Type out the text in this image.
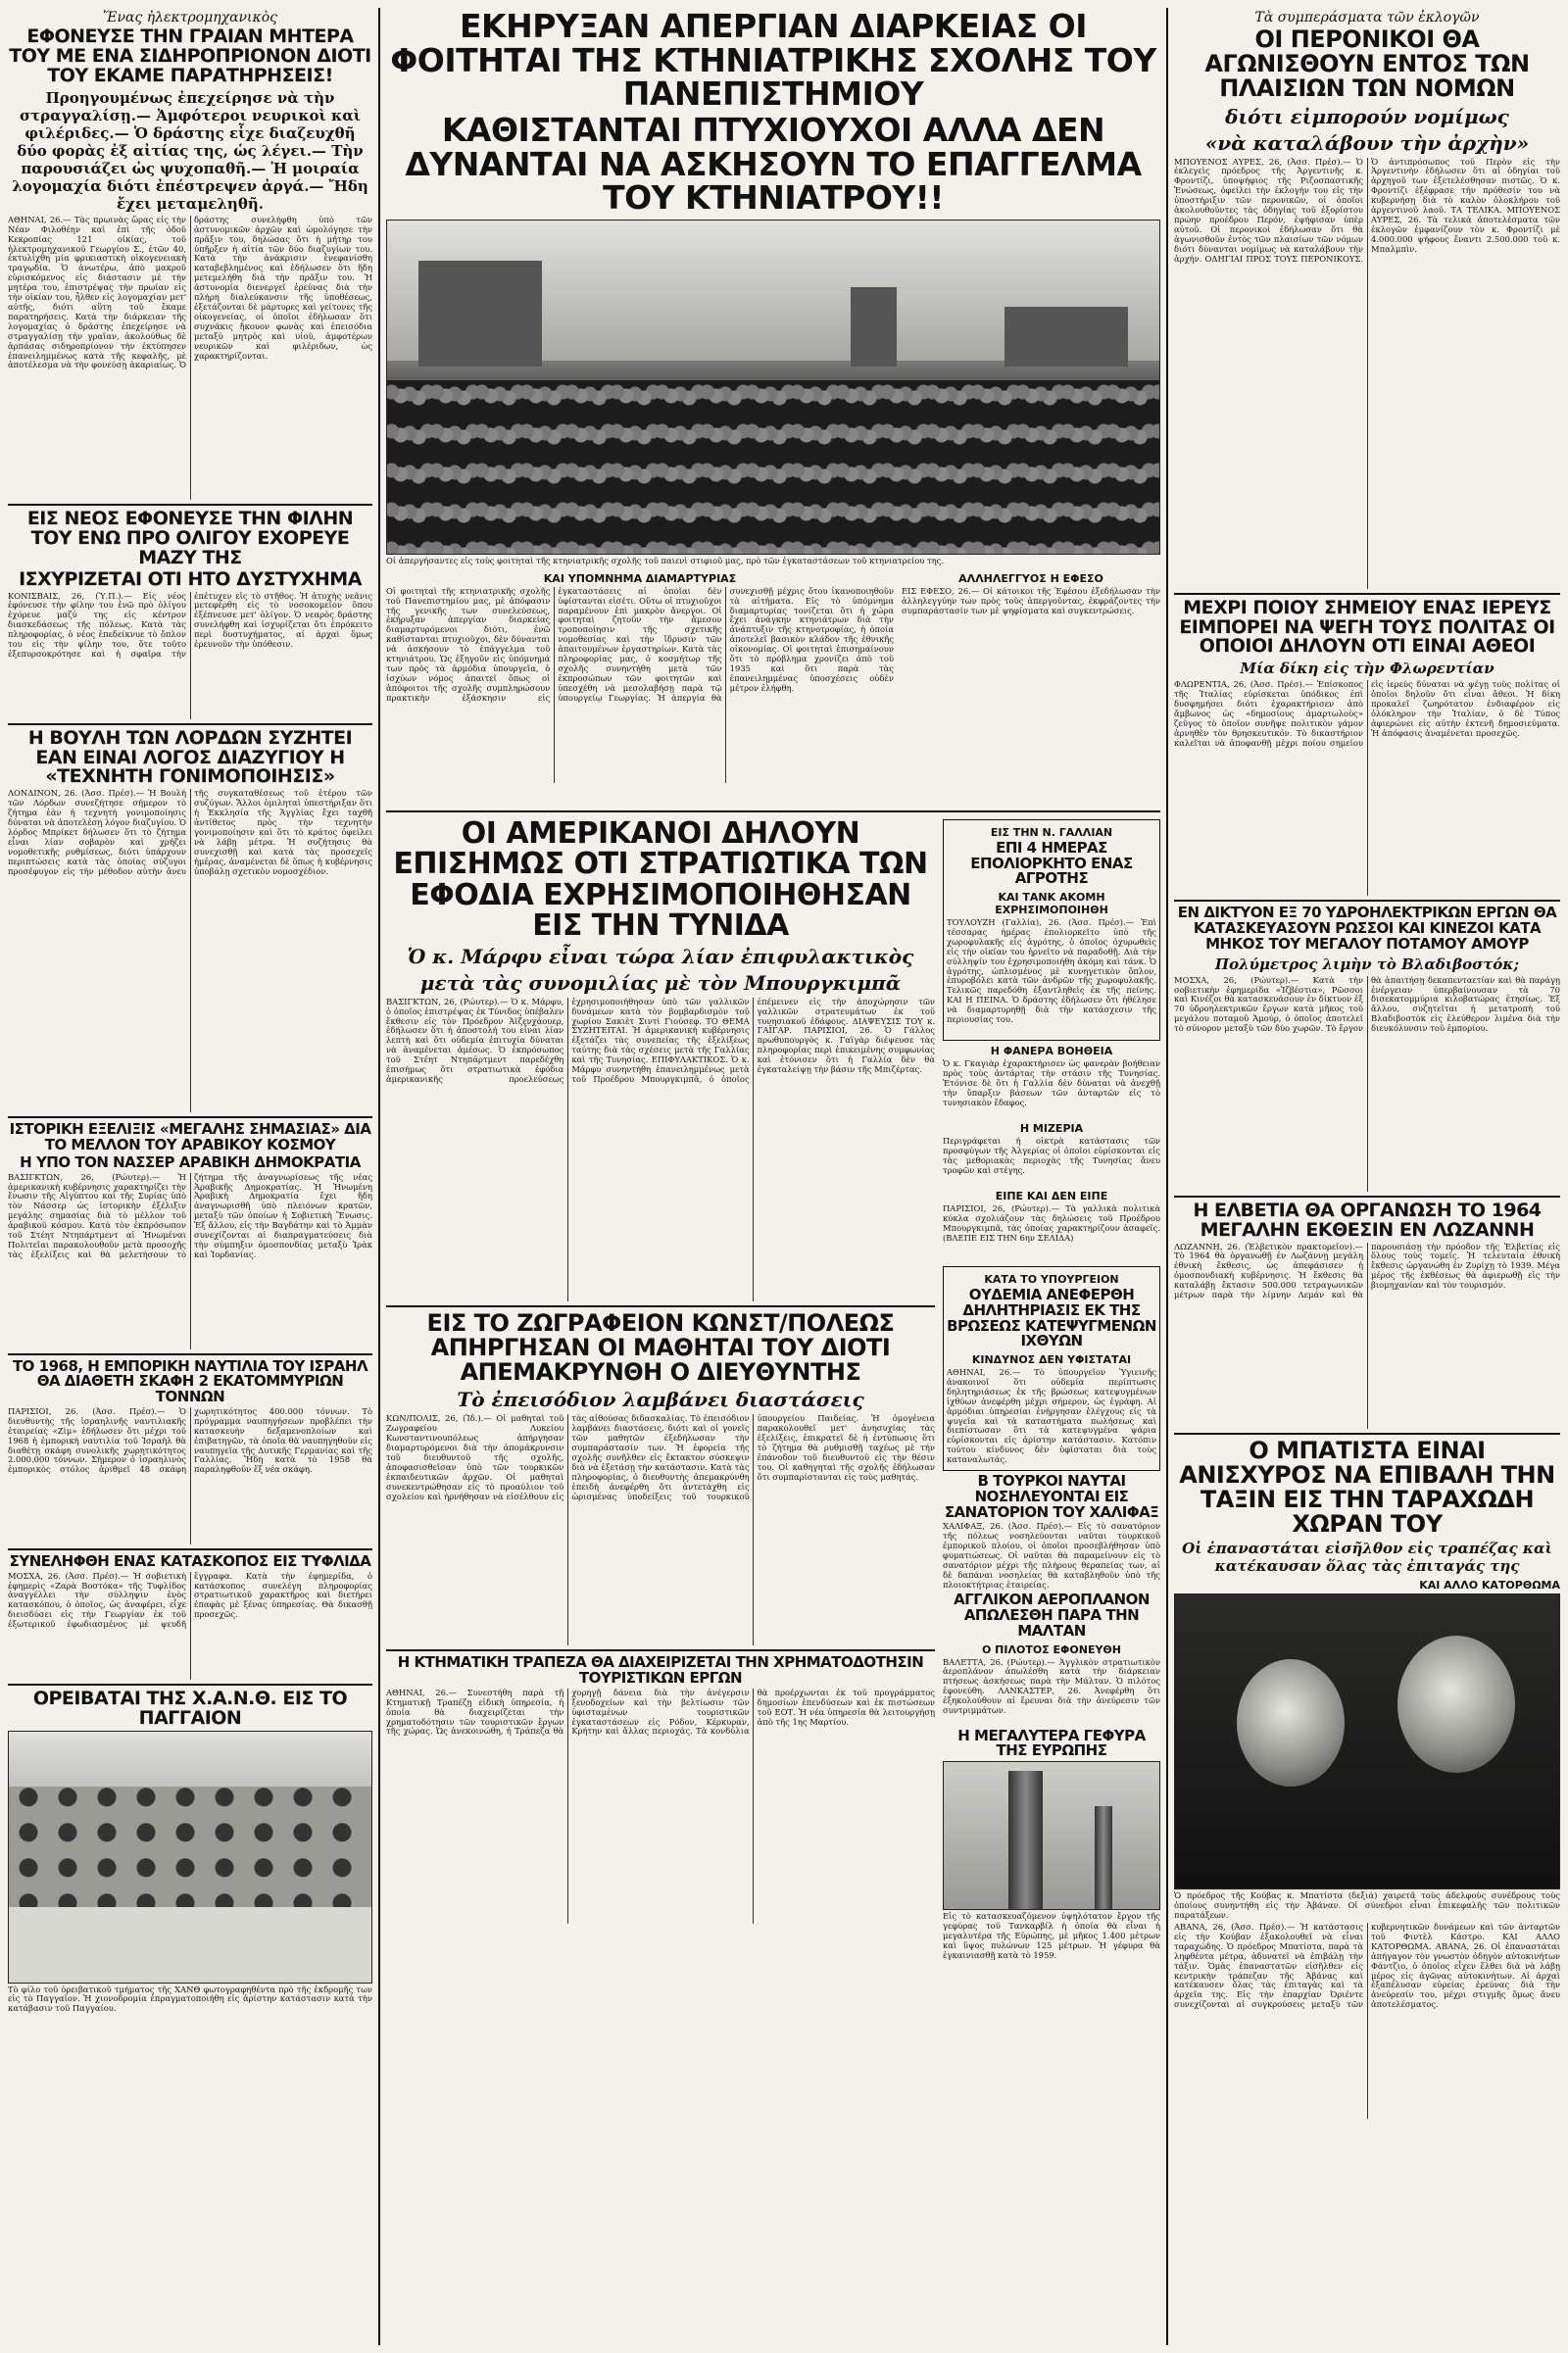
Ἕνας ἠλεκτρομηχανικὸς
ΕΦΟΝΕΥΣΕ ΤΗΝ ΓΡΑΙΑΝ ΜΗΤΕΡΑ ΤΟΥ ΜΕ ΕΝΑ ΣΙΔΗΡΟΠΡΙΟΝΟΝ ΔΙΟΤΙ ΤΟΥ ΕΚΑΜΕ ΠΑΡΑΤΗΡΗΣΕΙΣ!
Προηγουμένως ἐπεχείρησε νὰ τὴν στραγγαλίσῃ.— Ἀμφότεροι νευρικοὶ καὶ φιλέριδες.— Ὁ δράστης εἶχε διαζευχθῆ δύο φορὰς ἐξ αἰτίας της, ὡς λέγει.— Τὴν παρουσιάζει ὡς ψυχοπαθῆ.— Ἡ μοιραία λογομαχία διότι ἐπέστρεψεν ἀργά.— Ἤδη ἔχει μεταμεληθῆ.
ΑΘΗΝΑΙ, 26.— Τὰς πρωινὰς ὥρας εἰς τὴν Νέαν Φιλοθέην καὶ ἐπὶ τῆς ὁδοῦ Κεκροπίας 121 οἰκίας, τοῦ ἠλεκτρομηχανικοῦ Γεωργίου Σ., ἐτῶν 40, ἐκτυλίχθη μία φρικιαστικὴ οἰκογενειακὴ τραγῳδία. Ὁ ἀνωτέρω, ἀπὸ μακροῦ εὑρισκόμενος εἰς διάστασιν μὲ τὴν μητέρα του, ἐπιστρέψας τὴν πρωίαν εἰς τὴν οἰκίαν του, ἦλθεν εἰς λογομαχίαν μετ' αὐτῆς, διότι αὕτη τοῦ ἔκαμε παρατηρήσεις. Κατὰ τὴν διάρκειαν τῆς λογομαχίας ὁ δράστης ἐπεχείρησε νὰ στραγγαλίσῃ τὴν γραῖαν, ἀκολούθως δὲ ἁρπάσας σιδηροπρίονον τὴν ἐκτύπησεν ἐπανειλημμένως κατὰ τῆς κεφαλῆς, μὲ ἀποτέλεσμα νὰ τὴν φονεύσῃ ἀκαριαίως. Ὁ δράστης συνελήφθη ὑπὸ τῶν ἀστυνομικῶν ἀρχῶν καὶ ὡμολόγησε τὴν πρᾶξιν του, δηλώσας ὅτι ἡ μήτηρ του ὑπῆρξεν ἡ αἰτία τῶν δύο διαζυγίων του. Κατὰ τὴν ἀνάκρισιν ἐνεφανίσθη καταβεβλημένος καὶ ἐδήλωσεν ὅτι ἤδη μετεμελήθη διὰ τὴν πρᾶξιν του. Ἡ ἀστυνομία διενεργεῖ ἐρεύνας διὰ τὴν πλήρη διαλεύκανσιν τῆς ὑποθέσεως, ἐξετάζονται δὲ μάρτυρες καὶ γείτονες τῆς οἰκογενείας, οἱ ὁποῖοι ἐδήλωσαν ὅτι συχνάκις ἤκουον φωνὰς καὶ ἐπεισόδια μεταξὺ μητρὸς καὶ υἱοῦ, ἀμφοτέρων νευρικῶν καὶ φιλέριδων, ὡς χαρακτηρίζονται.
ΕΙΣ ΝΕΟΣ ΕΦΟΝΕΥΣΕ ΤΗΝ ΦΙΛΗΝ ΤΟΥ ΕΝΩ ΠΡΟ ΟΛΙΓΟΥ ΕΧΟΡΕΥΕ ΜΑΖΥ ΤΗΣ
ΙΣΧΥΡΙΖΕΤΑΙ ΟΤΙ ΗΤΟ ΔΥΣΤΥΧΗΜΑ
ΚΟΝΙΣΒΑΙΣ, 26, (Ὑ.Π.).— Εἷς νέος ἐφόνευσε τὴν φίλην του ἐνῶ πρὸ ὀλίγου ἐχόρευε μαζύ της εἰς κέντρον διασκεδάσεως τῆς πόλεως. Κατὰ τὰς πληροφορίας, ὁ νέος ἐπεδείκνυε τὸ ὅπλον του εἰς τὴν φίλην του, ὅτε τοῦτο ἐξεπυρσοκρότησε καὶ ἡ σφαῖρα τὴν ἐπέτυχεν εἰς τὸ στῆθος. Ἡ ἀτυχὴς νεᾶνις μετεφέρθη εἰς τὸ νοσοκομεῖον ὅπου ἐξέπνευσε μετ' ὀλίγον. Ὁ νεαρὸς δράστης συνελήφθη καὶ ἰσχυρίζεται ὅτι ἐπρόκειτο περὶ δυστυχήματος, αἱ ἀρχαὶ ὅμως ἐρευνοῦν τὴν ὑπόθεσιν.
Η ΒΟΥΛΗ ΤΩΝ ΛΟΡΔΩΝ ΣΥΖΗΤΕΙ ΕΑΝ ΕΙΝΑΙ ΛΟΓΟΣ ΔΙΑΖΥΓΙΟΥ Η «ΤΕΧΝΗΤΗ ΓΟΝΙΜΟΠΟΙΗΣΙΣ»
ΛΟΝΔΙΝΟΝ, 26. (Ἀσσ. Πρέσ).— Ἡ Βουλὴ τῶν Λόρδων συνεζήτησε σήμερον τὸ ζήτημα ἐὰν ἡ τεχνητὴ γονιμοποίησις δύναται νὰ ἀποτελέσῃ λόγον διαζυγίου. Ὁ λόρδος Μπρίκετ δήλωσεν ὅτι τὸ ζήτημα εἶναι λίαν σοβαρὸν καὶ χρήζει νομοθετικῆς ρυθμίσεως, διότι ὑπάρχουν περιπτώσεις κατὰ τὰς ὁποίας σύζυγοι προσέφυγον εἰς τὴν μέθοδον αὐτὴν ἄνευ τῆς συγκαταθέσεως τοῦ ἑτέρου τῶν συζύγων. Ἄλλοι ὁμιληταὶ ὑπεστήριξαν ὅτι ἡ Ἐκκλησία τῆς Ἀγγλίας ἔχει ταχθῆ ἀντίθετος πρὸς τὴν τεχνητὴν γονιμοποίησιν καὶ ὅτι τὸ κράτος ὀφείλει νὰ λάβῃ μέτρα. Ἡ συζήτησις θὰ συνεχισθῇ καὶ κατὰ τὰς προσεχεῖς ἡμέρας, ἀναμένεται δὲ ὅπως ἡ κυβέρνησις ὑποβάλῃ σχετικὸν νομοσχέδιον.
ΙΣΤΟΡΙΚΗ ΕΞΕΛΙΞΙΣ «ΜΕΓΑΛΗΣ ΣΗΜΑΣΙΑΣ» ΔΙΑ ΤΟ ΜΕΛΛΟΝ ΤΟΥ ΑΡΑΒΙΚΟΥ ΚΟΣΜΟΥ
Η ΥΠΟ ΤΟΝ ΝΑΣΣΕΡ ΑΡΑΒΙΚΗ ΔΗΜΟΚΡΑΤΙΑ
ΒΑΣΙΓΚΤΩΝ, 26, (Ρώυτερ).— Ἡ ἀμερικανικὴ κυβέρνησις χαρακτηρίζει τὴν ἕνωσιν τῆς Αἰγύπτου καὶ τῆς Συρίας ὑπὸ τὸν Νάσσερ ὡς ἱστορικὴν ἐξέλιξιν μεγάλης σημασίας διὰ τὸ μέλλον τοῦ ἀραβικοῦ κόσμου. Κατὰ τὸν ἐκπρόσωπον τοῦ Στέητ Ντηπάρτμεντ αἱ Ἡνωμέναι Πολιτεῖαι παρακολουθοῦν μετὰ προσοχῆς τὰς ἐξελίξεις καὶ θὰ μελετήσουν τὸ ζήτημα τῆς ἀναγνωρίσεως τῆς νέας Ἀραβικῆς Δημοκρατίας. Ἡ Ἡνωμένη Ἀραβικὴ Δημοκρατία ἔχει ἤδη ἀναγνωρισθῆ ὑπὸ πλειόνων κρατῶν, μεταξὺ τῶν ὁποίων ἡ Σοβιετικὴ Ἕνωσις. Ἐξ ἄλλου, εἰς τὴν Βαγδάτην καὶ τὸ Ἀμμὰν συνεχίζονται αἱ διαπραγματεύσεις διὰ τὴν σύμπηξιν ὁμοσπονδίας μεταξὺ Ἰρὰκ καὶ Ἰορδανίας.
ΤΟ 1968, Η ΕΜΠΟΡΙΚΗ ΝΑΥΤΙΛΙΑ ΤΟΥ ΙΣΡΑΗΛ ΘΑ ΔΙΑΘΕΤΗ ΣΚΑΦΗ 2 ΕΚΑΤΟΜΜΥΡΙΩΝ ΤΟΝΝΩΝ
ΠΑΡΙΣΙΟΙ, 26. (Ἀσσ. Πρέσ).— Ὁ διευθυντὴς τῆς ἰσραηλινῆς ναυτιλιακῆς ἑταιρείας «Ζὶμ» ἐδήλωσεν ὅτι μέχρι τοῦ 1968 ἡ ἐμπορικὴ ναυτιλία τοῦ Ἰσραὴλ θὰ διαθέτῃ σκάφη συνολικῆς χωρητικότητος 2.000.000 τόννων. Σήμερον ὁ ἰσραηλινὸς ἐμπορικὸς στόλος ἀριθμεῖ 48 σκάφη χωρητικότητος 400.000 τόννων. Τὸ πρόγραμμα ναυπηγήσεων προβλέπει τὴν κατασκευὴν δεξαμενοπλοίων καὶ ἐπιβατηγῶν, τὰ ὁποῖα θὰ ναυπηγηθοῦν εἰς ναυπηγεῖα τῆς Δυτικῆς Γερμανίας καὶ τῆς Γαλλίας. Ἤδη κατὰ τὸ 1958 θὰ παραληφθοῦν ἕξ νέα σκάφη.
ΣΥΝΕΛΗΦΘΗ ΕΝΑΣ ΚΑΤΑΣΚΟΠΟΣ ΕΙΣ ΤΥΦΛΙΔΑ
ΜΟΣΧΑ, 26. (Ἀσσ. Πρέσ).— Ἡ σοβιετικὴ ἐφημερὶς «Ζαρὰ Βοστόκα» τῆς Τυφλίδος ἀναγγέλλει τὴν σύλληψιν ἑνὸς κατασκόπου, ὁ ὁποῖος, ὡς ἀναφέρει, εἶχε διεισδύσει εἰς τὴν Γεωργίαν ἐκ τοῦ ἐξωτερικοῦ ἐφωδιασμένος μὲ ψευδῆ ἔγγραφα. Κατὰ τὴν ἐφημερίδα, ὁ κατάσκοπος συνελέγη πληροφορίας στρατιωτικοῦ χαρακτῆρος καὶ διετήρει ἐπαφὰς μὲ ξένας ὑπηρεσίας. Θὰ δικασθῇ προσεχῶς.
ΟΡΕΙΒΑΤΑΙ ΤΗΣ Χ.Α.Ν.Θ. ΕΙΣ ΤΟ ΠΑΓΓΑΙΟΝ
Τὸ φίλο τοῦ ὀρειβατικοῦ τμήματος τῆς ΧΑΝΘ φωτογραφηθέντα πρὸ τῆς ἐκδρομῆς των εἰς τὸ Παγγαῖον. Ἡ χιονοδρομία ἐπραγματοποιήθη εἰς ἀρίστην κατάστασιν κατὰ τὴν κατάβασιν τοῦ Παγγαίου.
ΕΚΗΡΥΞΑΝ ΑΠΕΡΓΙΑΝ ΔΙΑΡΚΕΙΑΣ ΟΙ ΦΟΙΤΗΤΑΙ ΤΗΣ ΚΤΗΝΙΑΤΡΙΚΗΣ ΣΧΟΛΗΣ ΤΟΥ ΠΑΝΕΠΙΣΤΗΜΙΟΥ
ΚΑΘΙΣΤΑΝΤΑΙ ΠΤΥΧΙΟΥΧΟΙ ΑΛΛΑ ΔΕΝ ΔΥΝΑΝΤΑΙ ΝΑ ΑΣΚΗΣΟΥΝ ΤΟ ΕΠΑΓΓΕΛΜΑ ΤΟΥ ΚΤΗΝΙΑΤΡΟΥ!!
Οἱ ἀπεργήσαντες εἰς τοὺς φοιτηταὶ τῆς κτηνιατρικῆς σχολῆς τοῦ παιενὶ στιφιοῦ μας, πρὸ τῶν ἐγκαταστάσεων τοῦ κτηνιατρείου της.
ΚΑΙ ΥΠΟΜΝΗΜΑ ΔΙΑΜΑΡΤΥΡΙΑΣ
Οἱ φοιτηταὶ τῆς κτηνιατρικῆς σχολῆς τοῦ Πανεπιστημίου μας, μὲ ἀπόφασιν τῆς γενικῆς των συνελεύσεως, ἐκήρυξαν ἀπεργίαν διαρκείας διαμαρτυρόμενοι διότι, ἐνῶ καθίστανται πτυχιοῦχοι, δὲν δύνανται νὰ ἀσκήσουν τὸ ἐπάγγελμα τοῦ κτηνιάτρου. Ὡς ἐξηγοῦν εἰς ὑπόμνημά των πρὸς τὰ ἁρμόδια ὑπουργεῖα, ὁ ἰσχύων νόμος ἀπαιτεῖ ὅπως οἱ ἀπόφοιτοι τῆς σχολῆς συμπληρώσουν πρακτικὴν ἐξάσκησιν εἰς ἐγκαταστάσεις αἱ ὁποῖαι δὲν ὑφίστανται εἰσέτι. Οὕτω οἱ πτυχιοῦχοι παραμένουν ἐπὶ μακρὸν ἄνεργοι. Οἱ φοιτηταὶ ζητοῦν τὴν ἄμεσον τροποποίησιν τῆς σχετικῆς νομοθεσίας καὶ τὴν ἵδρυσιν τῶν ἀπαιτουμένων ἐργαστηρίων. Κατὰ τὰς πληροφορίας μας, ὁ κοσμήτωρ τῆς σχολῆς συνηντήθη μετὰ τῶν ἐκπροσώπων τῶν φοιτητῶν καὶ ὑπεσχέθη νὰ μεσολαβήσῃ παρὰ τῷ ὑπουργείῳ Γεωργίας. Ἡ ἀπεργία θὰ συνεχισθῇ μέχρις ὅτου ἱκανοποιηθοῦν τὰ αἰτήματα. Εἰς τὸ ὑπόμνημα διαμαρτυρίας τονίζεται ὅτι ἡ χώρα ἔχει ἀνάγκην κτηνιάτρων διὰ τὴν ἀνάπτυξιν τῆς κτηνοτροφίας, ἡ ὁποία ἀποτελεῖ βασικὸν κλάδον τῆς ἐθνικῆς οἰκονομίας. Οἱ φοιτηταὶ ἐπισημαίνουν ὅτι τὸ πρόβλημα χρονίζει ἀπὸ τοῦ 1935 καὶ ὅτι παρὰ τὰς ἐπανειλημμένας ὑποσχέσεις οὐδὲν μέτρον ἐλήφθη.
ΑΛΛΗΛΕΓΓΥΟΣ Η ΕΦΕΣΟ
ΕΙΣ ΕΦΕΣΟ, 26.— Οἱ κάτοικοι τῆς Ἐφέσου ἐξεδήλωσαν τὴν ἀλληλεγγύην των πρὸς τοὺς ἀπεργοῦντας, ἐκφράζοντες τὴν συμπαράστασίν των μὲ ψηφίσματα καὶ συγκεντρώσεις.
ΟΙ ΑΜΕΡΙΚΑΝΟΙ ΔΗΛΟΥΝ ΕΠΙΣΗΜΩΣ ΟΤΙ ΣΤΡΑΤΙΩΤΙΚΑ ΤΩΝ ΕΦΟΔΙΑ ΕΧΡΗΣΙΜΟΠΟΙΗΘΗΣΑΝ ΕΙΣ ΤΗΝ ΤΥΝΙΔΑ
Ὁ κ. Μάρφυ εἶναι τώρα λίαν ἐπιφυλακτικὸς
μετὰ τὰς συνομιλίας μὲ τὸν Μπουργκιμπᾶ
ΒΑΣΙΓΚΤΩΝ, 26, (Ρώυτερ).— Ὁ κ. Μάρφυ, ὁ ὁποῖος ἐπιστρέψας ἐκ Τύνιδος ὑπέβαλεν ἔκθεσιν εἰς τὸν Πρόεδρον Ἀϊζενχάουερ, ἐδήλωσεν ὅτι ἡ ἀποστολή του εἶναι λίαν λεπτὴ καὶ ὅτι οὐδεμία ἐπιτυχία δύναται νὰ ἀναμένεται ἀμέσως. Ὁ ἐκπρόσωπος τοῦ Στέητ Ντηπάρτμεντ παρεδέχθη ἐπισήμως ὅτι στρατιωτικὰ ἐφόδια ἀμερικανικῆς προελεύσεως ἐχρησιμοποιήθησαν ὑπὸ τῶν γαλλικῶν δυνάμεων κατὰ τὸν βομβαρδισμὸν τοῦ χωρίου Σακιὲτ Σιντὶ Γιούσεφ. ΤΟ ΘΕΜΑ ΣΥΖΗΤΕΙΤΑΙ. Ἡ ἀμερικανικὴ κυβέρνησις ἐξετάζει τὰς συνεπείας τῆς ἐξελίξεως ταύτης διὰ τὰς σχέσεις μετὰ τῆς Γαλλίας καὶ τῆς Τυνησίας. ΕΠΙΦΥΛΑΚΤΙΚΟΣ. Ὁ κ. Μάρφυ συνηντήθη ἐπανειλημμένως μετὰ τοῦ Προέδρου Μπουργκιμπᾶ, ὁ ὁποῖος ἐπέμεινεν εἰς τὴν ἀποχώρησιν τῶν γαλλικῶν στρατευμάτων ἐκ τοῦ τυνησιακοῦ ἐδάφους. ΔΙΑΨΕΥΣΙΣ ΤΟΥ κ. ΓΑΪΓΑΡ. ΠΑΡΙΣΙΟΙ, 26. Ὁ Γάλλος πρωθυπουργὸς κ. Γαϊγὰρ διέψευσε τὰς πληροφορίας περὶ ἐπικειμένης συμφωνίας καὶ ἐτόνισεν ὅτι ἡ Γαλλία δὲν θὰ ἐγκαταλείψῃ τὴν βάσιν τῆς Μπιζέρτας.
ΕΙΣ ΤΟ ΖΩΓΡΑΦΕΙΟΝ ΚΩΝΣΤ/ΠΟΛΕΩΣ ΑΠΗΡΓΗΣΑΝ ΟΙ ΜΑΘΗΤΑΙ ΤΟΥ ΔΙΟΤΙ ΑΠΕΜΑΚΡΥΝΘΗ Ο ΔΙΕΥΘΥΝΤΗΣ
Τὸ ἐπεισόδιον λαμβάνει διαστάσεις
ΚΩΝ/ΠΟΛΙΣ, 26, (Ἰδ.).— Οἱ μαθηταὶ τοῦ Ζωγραφείου Λυκείου Κωνσταντινουπόλεως ἀπήργησαν διαμαρτυρόμενοι διὰ τὴν ἀπομάκρυνσιν τοῦ διευθυντοῦ τῆς σχολῆς, ἀποφασισθεῖσαν ὑπὸ τῶν τουρκικῶν ἐκπαιδευτικῶν ἀρχῶν. Οἱ μαθηταὶ συνεκεντρώθησαν εἰς τὸ προαύλιον τοῦ σχολείου καὶ ἠρνήθησαν νὰ εἰσέλθουν εἰς τὰς αἰθούσας διδασκαλίας. Τὸ ἐπεισόδιον λαμβάνει διαστάσεις, διότι καὶ οἱ γονεῖς τῶν μαθητῶν ἐξεδήλωσαν τὴν συμπαράστασίν των. Ἡ ἐφορεία τῆς σχολῆς συνῆλθεν εἰς ἔκτακτον σύσκεψιν διὰ νὰ ἐξετάσῃ τὴν κατάστασιν. Κατὰ τὰς πληροφορίας, ὁ διευθυντὴς ἀπεμακρύνθη ἐπειδὴ ἀνεφέρθη ὅτι ἀντετάχθη εἰς ὡρισμένας ὑποδείξεις τοῦ τουρκικοῦ ὑπουργείου Παιδείας. Ἡ ὁμογένεια παρακολουθεῖ μετ' ἀνησυχίας τὰς ἐξελίξεις, ἐπικρατεῖ δὲ ἡ ἐντύπωσις ὅτι τὸ ζήτημα θὰ ρυθμισθῇ ταχέως μὲ τὴν ἐπάνοδον τοῦ διευθυντοῦ εἰς τὴν θέσιν του. Οἱ καθηγηταὶ τῆς σχολῆς ἐδήλωσαν ὅτι συμπαρίστανται εἰς τοὺς μαθητάς.
Η ΚΤΗΜΑΤΙΚΗ ΤΡΑΠΕΖΑ ΘΑ ΔΙΑΧΕΙΡΙΖΕΤΑΙ ΤΗΝ ΧΡΗΜΑΤΟΔΟΤΗΣΙΝ ΤΟΥΡΙΣΤΙΚΩΝ ΕΡΓΩΝ
ΑΘΗΝΑΙ, 26.— Συνεστήθη παρὰ τῇ Κτηματικῇ Τραπέζῃ εἰδικὴ ὑπηρεσία, ἡ ὁποία θὰ διαχειρίζεται τὴν χρηματοδότησιν τῶν τουριστικῶν ἔργων τῆς χώρας. Ὡς ἀνεκοινώθη, ἡ Τράπεζα θὰ χορηγῇ δάνεια διὰ τὴν ἀνέγερσιν ξενοδοχείων καὶ τὴν βελτίωσιν τῶν ὑφισταμένων τουριστικῶν ἐγκαταστάσεων εἰς Ρόδον, Κέρκυραν, Κρήτην καὶ ἄλλας περιοχάς. Τὰ κονδύλια θὰ προέρχωνται ἐκ τοῦ προγράμματος δημοσίων ἐπενδύσεων καὶ ἐκ πιστώσεων τοῦ ΕΟΤ. Ἡ νέα ὑπηρεσία θὰ λειτουργήσῃ ἀπὸ τῆς 1ης Μαρτίου.
ΕΙΣ ΤΗΝ Ν. ΓΑΛΛΙΑΝ
ΕΠΙ 4 ΗΜΕΡΑΣ ΕΠΟΛΙΟΡΚΗΤΟ ΕΝΑΣ ΑΓΡΟΤΗΣ
ΚΑΙ ΤΑΝΚ ΑΚΟΜΗ ΕΧΡΗΣΙΜΟΠΟΙΗΘΗ
ΤΟΥΛΟΥΖΗ (Γαλλία), 26. (Ἀσσ. Πρέσ).— Ἐπὶ τέσσαρας ἡμέρας ἐπολιορκεῖτο ὑπὸ τῆς χωροφυλακῆς εἷς ἀγρότης, ὁ ὁποῖος ὀχυρωθεὶς εἰς τὴν οἰκίαν του ἠρνεῖτο νὰ παραδοθῇ. Διὰ τὴν σύλληψίν του ἐχρησιμοποιήθη ἀκόμη καὶ τάνκ. Ὁ ἀγρότης, ὡπλισμένος μὲ κυνηγετικὸν ὅπλον, ἐπυροβόλει κατὰ τῶν ἀνδρῶν τῆς χωροφυλακῆς. Τελικῶς παρεδόθη ἐξαντληθεὶς ἐκ τῆς πείνης. ΚΑΙ Η ΠΕΙΝΑ. Ὁ δράστης ἐδήλωσεν ὅτι ἠθέλησε νὰ διαμαρτυρηθῇ διὰ τὴν κατάσχεσιν τῆς περιουσίας του.
Η ΦΑΝΕΡΑ ΒΟΗΘΕΙΑ
Ὁ κ. Γκαγιὰρ ἐχαρακτήρισεν ὡς φανερὰν βοήθειαν πρὸς τοὺς ἀντάρτας τὴν στάσιν τῆς Τυνησίας. Ἐτόνισε δὲ ὅτι ἡ Γαλλία δὲν δύναται νὰ ἀνεχθῇ τὴν ὕπαρξιν βάσεων τῶν ἀνταρτῶν εἰς τὸ τυνησιακὸν ἔδαφος.
Η ΜΙΖΕΡΙΑ
Περιγράφεται ἡ οἰκτρὰ κατάστασις τῶν προσφύγων τῆς Ἀλγερίας οἱ ὁποῖοι εὑρίσκονται εἰς τὰς μεθοριακὰς περιοχὰς τῆς Τυνησίας ἄνευ τροφῶν καὶ στέγης.
ΕΙΠΕ ΚΑΙ ΔΕΝ ΕΙΠΕ
ΠΑΡΙΣΙΟΙ, 26, (Ρώυτερ).— Τὰ γαλλικὰ πολιτικὰ κύκλα σχολιάζουν τὰς δηλώσεις τοῦ Προέδρου Μπουργκιμπᾶ, τὰς ὁποίας χαρακτηρίζουν ἀσαφεῖς. (ΒΛΕΠΕ ΕΙΣ ΤΗΝ 6ην ΣΕΛΙΔΑ)
ΚΑΤΑ ΤΟ ΥΠΟΥΡΓΕΙΟΝ
ΟΥΔΕΜΙΑ ΑΝΕΦΕΡΘΗ ΔΗΛΗΤΗΡΙΑΣΙΣ ΕΚ ΤΗΣ ΒΡΩΣΕΩΣ ΚΑΤΕΨΥΓΜΕΝΩΝ ΙΧΘΥΩΝ
ΚΙΝΔΥΝΟΣ ΔΕΝ ΥΦΙΣΤΑΤΑΙ
ΑΘΗΝΑΙ, 26.— Τὸ ὑπουργεῖον Ὑγιεινῆς ἀνακοινοῖ ὅτι οὐδεμία περίπτωσις δηλητηριάσεως ἐκ τῆς βρώσεως κατεψυγμένων ἰχθύων ἀνεφέρθη μέχρι σήμερον, ὡς ἐγράφη. Αἱ ἁρμόδιαι ὑπηρεσίαι ἐνήργησαν ἐλέγχους εἰς τὰ ψυγεῖα καὶ τὰ καταστήματα πωλήσεως καὶ διεπίστωσαν ὅτι τὰ κατεψυγμένα ψάρια εὑρίσκονται εἰς ἀρίστην κατάστασιν. Κατόπιν τούτου κίνδυνος δὲν ὑφίσταται διὰ τοὺς καταναλωτάς.
Β ΤΟΥΡΚΟΙ ΝΑΥΤΑΙ ΝΟΣΗΛΕΥΟΝΤΑΙ ΕΙΣ ΣΑΝΑΤΟΡΙΟΝ ΤΟΥ ΧΑΛΙΦΑΞ
ΧΑΛΙΦΑΞ, 26. (Ἀσσ. Πρέσ).— Εἰς τὸ σανατόριον τῆς πόλεως νοσηλεύονται ναῦται τουρκικοῦ ἐμπορικοῦ πλοίου, οἱ ὁποῖοι προσεβλήθησαν ὑπὸ φυματιώσεως. Οἱ ναῦται θὰ παραμείνουν εἰς τὸ σανατόριον μέχρι τῆς πλήρους θεραπείας των, αἱ δὲ δαπάναι νοσηλείας θὰ καταβληθοῦν ὑπὸ τῆς πλοιοκτήτριας ἑταιρείας.
ΑΓΓΛΙΚΟΝ ΑΕΡΟΠΛΑΝΟΝ ΑΠΩΛΕΣΘΗ ΠΑΡΑ ΤΗΝ ΜΑΛΤΑΝ
Ο ΠΙΛΟΤΟΣ ΕΦΟΝΕΥΘΗ
ΒΑΛΕΤΤΑ, 26. (Ρώυτερ).— Ἀγγλικὸν στρατιωτικὸν ἀεροπλάνον ἀπωλέσθη κατὰ τὴν διάρκειαν πτήσεως ἀσκήσεως παρὰ τὴν Μάλταν. Ὁ πιλότος ἐφονεύθη. ΛΑΝΚΑΣΤΕΡ, 26. Ἀνεφέρθη ὅτι ἐξηκολούθουν αἱ ἔρευναι διὰ τὴν ἀνεύρεσιν τῶν συντριμμάτων.
Η ΜΕΓΑΛΥΤΕΡΑ ΓΕΦΥΡΑ ΤΗΣ ΕΥΡΩΠΗΣ
Εἰς τὸ κατασκευαζόμενον ὑψηλότατον ἔργον τῆς γεφύρας τοῦ Τανκαρβίλ ἡ ὁποία θὰ εἶναι ἡ μεγαλυτέρα τῆς Εὐρώπης, μὲ μῆκος 1.400 μέτρων καὶ ὕψος πυλώνων 125 μέτρων. Ἡ γέφυρα θὰ ἐγκαινιασθῇ κατὰ τὸ 1959.
Τὰ συμπεράσματα τῶν ἐκλογῶν
ΟΙ ΠΕΡΟΝΙΚΟΙ ΘΑ ΑΓΩΝΙΣΘΟΥΝ ΕΝΤΟΣ ΤΩΝ ΠΛΑΙΣΙΩΝ ΤΩΝ ΝΟΜΩΝ
διότι εἰμπορούν νομίμως
«νὰ καταλάβουν τὴν ἀρχὴν»
ΜΠΟΥΕΝΟΣ ΑΥΡΕΣ, 26, (Ἀσσ. Πρέσ).— Ὁ ἐκλεγεὶς πρόεδρος τῆς Ἀργεντινῆς κ. Φροντίζι, ὑποψήφιος τῆς Ριζοσπαστικῆς Ἑνώσεως, ὀφείλει τὴν ἐκλογήν του εἰς τὴν ὑποστήριξιν τῶν περονικῶν, οἱ ὁποῖοι ἀκολουθοῦντες τὰς ὁδηγίας τοῦ ἐξορίστου πρώην προέδρου Περόν, ἐψήφισαν ὑπὲρ αὐτοῦ. Οἱ περονικοὶ ἐδήλωσαν ὅτι θὰ ἀγωνισθοῦν ἐντὸς τῶν πλαισίων τῶν νόμων διότι δύνανται νομίμως νὰ καταλάβουν τὴν ἀρχήν. ΟΔΗΓΙΑΙ ΠΡΟΣ ΤΟΥΣ ΠΕΡΟΝΙΚΟΥΣ. Ὁ ἀντιπρόσωπος τοῦ Περὸν εἰς τὴν Ἀργεντινὴν ἐδήλωσεν ὅτι αἱ ὁδηγίαι τοῦ ἀρχηγοῦ των ἐξετελέσθησαν πιστῶς. Ὁ κ. Φροντίζι ἐξέφρασε τὴν πρόθεσίν του νὰ κυβερνήσῃ διὰ τὸ καλὸν ὁλοκλήρου τοῦ ἀργεντινοῦ λαοῦ. ΤΑ ΤΕΛΙΚΑ. ΜΠΟΥΕΝΟΣ ΑΥΡΕΣ, 26. Τὰ τελικὰ ἀποτελέσματα τῶν ἐκλογῶν ἐμφανίζουν τὸν κ. Φροντίζι μὲ 4.000.000 ψήφους ἔναντι 2.500.000 τοῦ κ. Μπαλμπὶν.
ΜΕΧΡΙ ΠΟΙΟΥ ΣΗΜΕΙΟΥ ΕΝΑΣ ΙΕΡΕΥΣ ΕΙΜΠΟΡΕΙ ΝΑ ΨΕΓΗ ΤΟΥΣ ΠΟΛΙΤΑΣ ΟΙ ΟΠΟΙΟΙ ΔΗΛΟΥΝ ΟΤΙ ΕΙΝΑΙ ΑΘΕΟΙ
Μία δίκη εἰς τὴν Φλωρεντίαν
ΦΛΩΡΕΝΤΙΑ, 26, (Ἀσσ. Πρέσ).— Ἐπίσκοπος τῆς Ἰταλίας εὑρίσκεται ὑπόδικος ἐπὶ δυσφημήσει διότι ἐχαρακτήρισεν ἀπὸ ἄμβωνος ὡς «δημοσίους ἁμαρτωλοὺς» ζεῦγος τὸ ὁποῖον συνῆψε πολιτικὸν γάμον ἀρνηθὲν τὸν θρησκευτικόν. Τὸ δικαστήριον καλεῖται νὰ ἀποφανθῇ μέχρι ποίου σημείου εἷς ἱερεὺς δύναται νὰ ψέγῃ τοὺς πολίτας οἱ ὁποῖοι δηλοῦν ὅτι εἶναι ἄθεοι. Ἡ δίκη προκαλεῖ ζωηρότατον ἐνδιαφέρον εἰς ὁλόκληρον τὴν Ἰταλίαν, ὁ δὲ Τύπος ἀφιερώνει εἰς αὐτὴν ἐκτενῆ δημοσιεύματα. Ἡ ἀπόφασις ἀναμένεται προσεχῶς.
ΕΝ ΔΙΚΤΥΟΝ ΕΞ 70 ΥΔΡΟΗΛΕΚΤΡΙΚΩΝ ΕΡΓΩΝ ΘΑ ΚΑΤΑΣΚΕΥΑΣΟΥΝ ΡΩΣΣΟΙ ΚΑΙ ΚΙΝΕΖΟΙ ΚΑΤΑ ΜΗΚΟΣ ΤΟΥ ΜΕΓΑΛΟΥ ΠΟΤΑΜΟΥ ΑΜΟΥΡ
Πολύμετρος λιμὴν τὸ Βλαδιβοστόκ;
ΜΟΣΧΑ, 26, (Ρώυτερ).— Κατὰ τὴν σοβιετικὴν ἐφημερίδα «Ἰζβέστια», Ρῶσσοι καὶ Κινέζοι θὰ κατασκευάσουν ἐν δίκτυον ἐξ 70 ὑδροηλεκτρικῶν ἔργων κατὰ μῆκος τοῦ μεγάλου ποταμοῦ Ἀμούρ, ὁ ὁποῖος ἀποτελεῖ τὸ σύνορον μεταξὺ τῶν δύο χωρῶν. Τὸ ἔργον θὰ ἀπαιτήσῃ δεκαπενταετίαν καὶ θὰ παράγῃ ἐνέργειαν ὑπερβαίνουσαν τὰ 70 δισεκατομμύρια κιλοβατώρας ἐτησίως. Ἐξ ἄλλου, συζητεῖται ἡ μετατροπὴ τοῦ Βλαδιβοστὸκ εἰς ἐλεύθερον λιμένα διὰ τὴν διευκόλυνσιν τοῦ ἐμπορίου.
Η ΕΛΒΕΤΙΑ ΘΑ ΟΡΓΑΝΩΣΗ ΤΟ 1964 ΜΕΓΑΛΗΝ ΕΚΘΕΣΙΝ ΕΝ ΛΩΖΑΝΝΗ
ΛΩΖΑΝΝΗ, 26. (Ἐλβετικὸν πρακτορεῖον).— Τὸ 1964 θὰ ὀργανωθῇ ἐν Λωζάννῃ μεγάλη ἐθνικὴ ἔκθεσις, ὡς ἀπεφάσισεν ἡ ὁμοσπονδιακὴ κυβέρνησις. Ἡ ἔκθεσις θὰ καταλάβῃ ἔκτασιν 500.000 τετραγωνικῶν μέτρων παρὰ τὴν λίμνην Λεμάν καὶ θὰ παρουσιάσῃ τὴν πρόοδον τῆς Ἐλβετίας εἰς ὅλους τοὺς τομεῖς. Ἡ τελευταία ἐθνικὴ ἔκθεσις ὠργανώθη ἐν Ζυρίχῃ τὸ 1939. Μέγα μέρος τῆς ἐκθέσεως θὰ ἀφιερωθῇ εἰς τὴν βιομηχανίαν καὶ τὸν τουρισμόν.
Ο ΜΠΑΤΙΣΤΑ ΕΙΝΑΙ ΑΝΙΣΧΥΡΟΣ ΝΑ ΕΠΙΒΑΛΗ ΤΗΝ ΤΑΞΙΝ ΕΙΣ ΤΗΝ ΤΑΡΑΧΩΔΗ ΧΩΡΑΝ ΤΟΥ
Οἱ ἐπαναστάται εἰσῆλθον εἰς τραπέζας καὶ κατέκαυσαν ὅλας τὰς ἐπιταγάς της
ΚΑΙ ΑΛΛΟ ΚΑΤΟΡΘΩΜΑ
Ὁ πρόεδρος τῆς Κούβας κ. Μπατίστα (δεξιά) χαιρετᾶ τοὺς ἀδελφοὺς συνέδρους τοὺς ὁποίους συνηντήθη εἰς τὴν Ἀβάναν. Οἱ σύνεδροι εἶναι ἐπικεφαλῆς τῶν πολιτικῶν παρατάξεων.
ΑΒΑΝΑ, 26, (Ἀσσ. Πρέσ).— Ἡ κατάστασις εἰς τὴν Κούβαν ἐξακολουθεῖ νὰ εἶναι ταραχώδης. Ὁ πρόεδρος Μπατίστα, παρὰ τὰ ληφθέντα μέτρα, ἀδυνατεῖ νὰ ἐπιβάλῃ τὴν τάξιν. Ὁμὰς ἐπαναστατῶν εἰσῆλθεν εἰς κεντρικὴν τράπεζαν τῆς Ἀβάνας καὶ κατέκαυσεν ὅλας τὰς ἐπιταγὰς καὶ τὰ ἀρχεῖα της. Εἰς τὴν ἐπαρχίαν Ὀριέντε συνεχίζονται αἱ συγκρούσεις μεταξὺ τῶν κυβερνητικῶν δυνάμεων καὶ τῶν ἀνταρτῶν τοῦ Φιντὲλ Κάστρο. ΚΑΙ ΑΛΛΟ ΚΑΤΟΡΘΩΜΑ. ΑΒΑΝΑ, 26. Οἱ ἐπαναστάται ἀπήγαγον τὸν γνωστὸν ὁδηγὸν αὐτοκινήτων Φάντζιο, ὁ ὁποῖος εἶχεν ἔλθει διὰ νὰ λάβῃ μέρος εἰς ἀγῶνας αὐτοκινήτων. Αἱ ἀρχαὶ ἐξαπέλυσαν εὐρείας ἐρεύνας διὰ τὴν ἀνεύρεσίν του, μέχρι στιγμῆς ὅμως ἄνευ ἀποτελέσματος.
